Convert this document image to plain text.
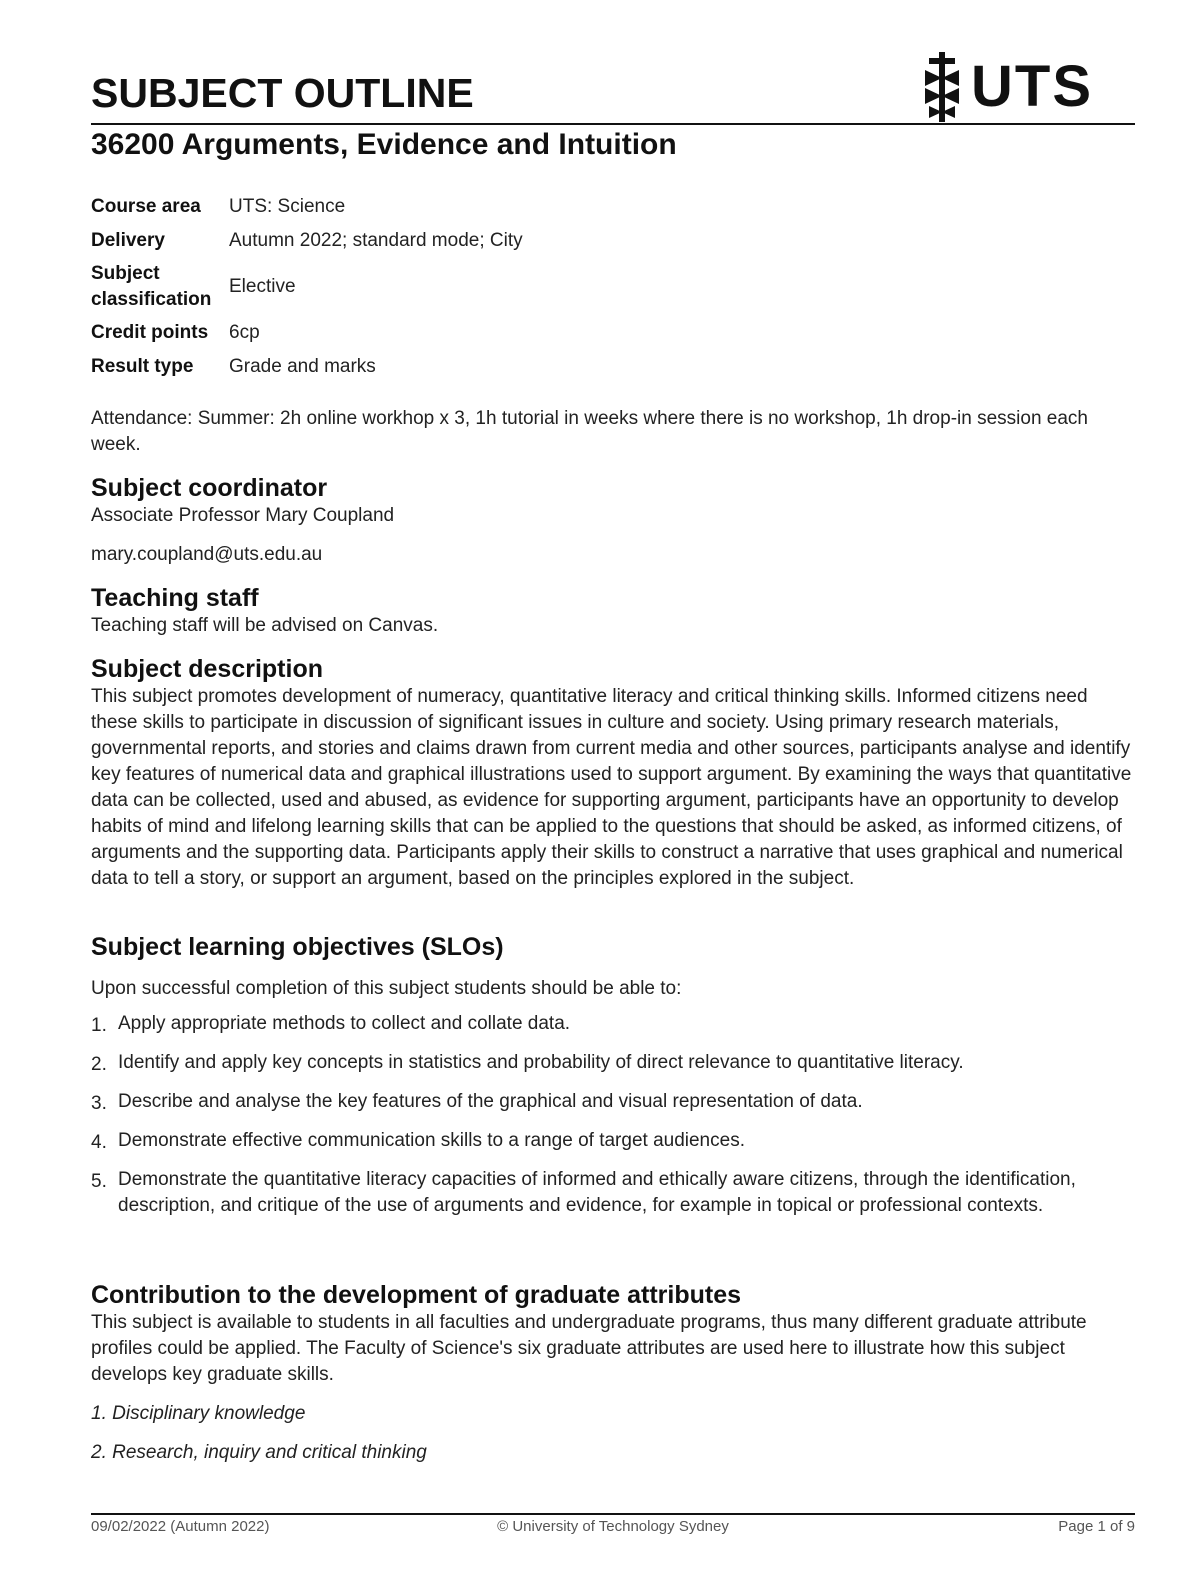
SUBJECT OUTLINE	UTS
36200 Arguments, Evidence and Intuition
Course area	UTS: Science
Delivery	Autumn 2022; standard mode; City
Subject classification	Elective
Credit points	6cp
Result type	Grade and marks

Attendance: Summer: 2h online workhop x 3, 1h tutorial in weeks where there is no workshop, 1h drop-in session each week.

Subject coordinator

Associate Professor Mary Coupland

mary.coupland@uts.edu.au

Teaching staff

Teaching staff will be advised on Canvas.

Subject description

This subject promotes development of numeracy, quantitative literacy and critical thinking skills. Informed citizens need these skills to participate in discussion of significant issues in culture and society. Using primary research materials, governmental reports, and stories and claims drawn from current media and other sources, participants analyse and identify key features of numerical data and graphical illustrations used to support argument. By examining the ways that quantitative data can be collected, used and abused, as evidence for supporting argument, participants have an opportunity to develop habits of mind and lifelong learning skills that can be applied to the questions that should be asked, as informed citizens, of arguments and the supporting data. Participants apply their skills to construct a narrative that uses graphical and numerical data to tell a story, or support an argument, based on the principles explored in the subject.

Subject learning objectives (SLOs)

Upon successful completion of this subject students should be able to:

1. Apply appropriate methods to collect and collate data.
2. Identify and apply key concepts in statistics and probability of direct relevance to quantitative literacy.
3. Describe and analyse the key features of the graphical and visual representation of data.
4. Demonstrate effective communication skills to a range of target audiences.
5. Demonstrate the quantitative literacy capacities of informed and ethically aware citizens, through the identification, description, and critique of the use of arguments and evidence, for example in topical or professional contexts.
Contribution to the development of graduate attributes

This subject is available to students in all faculties and undergraduate programs, thus many different graduate attribute profiles could be applied. The Faculty of Science's six graduate attributes are used here to illustrate how this subject develops key graduate skills.

1. Disciplinary knowledge

2. Research, inquiry and critical thinking

09/02/2022 (Autumn 2022)	© University of Technology Sydney	Page 1 of 9
